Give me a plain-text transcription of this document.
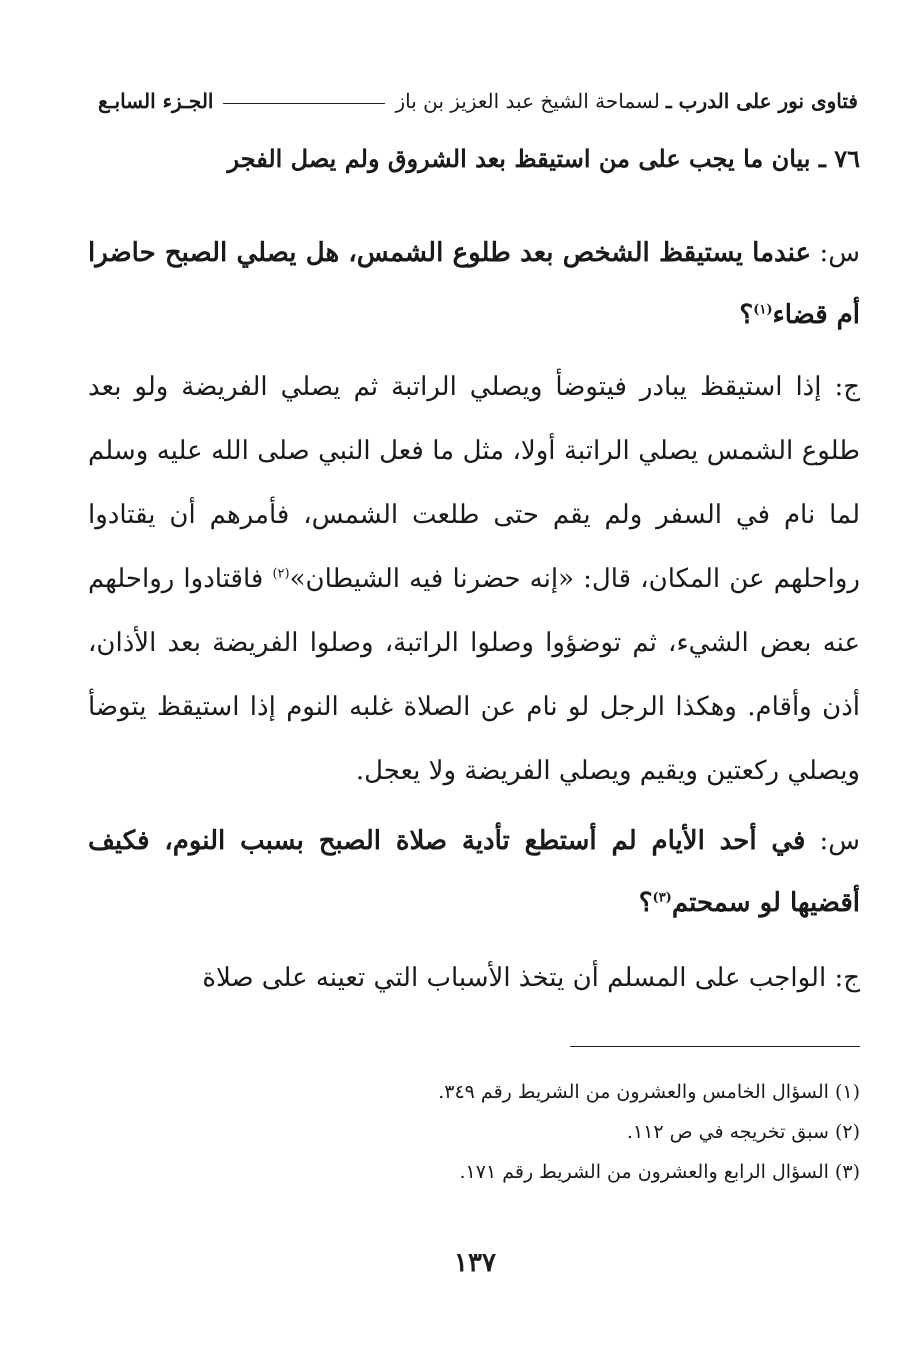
فتاوى نور على الدرب ـ
لسماحة الشيخ عبد العزيز بن باز
الجـزء السابـع
٧٦ ـ بيان ما يجب على من استيقظ بعد الشروق ولم يصل الفجر

س: عندما يستيقظ الشخص بعد طلوع الشمس، هل يصلي الصبح حاضرا أم قضاء$^{(١)}$؟

ج: إذا استيقظ يبادر فيتوضأ ويصلي الراتبة ثم يصلي الفريضة ولو بعد طلوع الشمس يصلي الراتبة أولا، مثل ما فعل النبي صلى الله عليه وسلم لما نام في السفر ولم يقم حتى طلعت الشمس، فأمرهم أن يقتادوا رواحلهم عن المكان، قال: «إنه حضرنا فيه الشيطان»$^{(٢)}$ فاقتادوا رواحلهم عنه بعض الشيء، ثم توضؤوا وصلوا الراتبة، وصلوا الفريضة بعد الأذان، أذن وأقام. وهكذا الرجل لو نام عن الصلاة غلبه النوم إذا استيقظ يتوضأ ويصلي ركعتين ويقيم ويصلي الفريضة ولا يعجل.

س: في أحد الأيام لم أستطع تأدية صلاة الصبح بسبب النوم، فكيف أقضيها لو سمحتم$^{(٣)}$؟

ج: الواجب على المسلم أن يتخذ الأسباب التي تعينه على صلاة

(١) السؤال الخامس والعشرون من الشريط رقم ٣٤٩.
(٢) سبق تخريجه في ص ١١٢.
(٣) السؤال الرابع والعشرون من الشريط رقم ١٧١.
١٣٧
